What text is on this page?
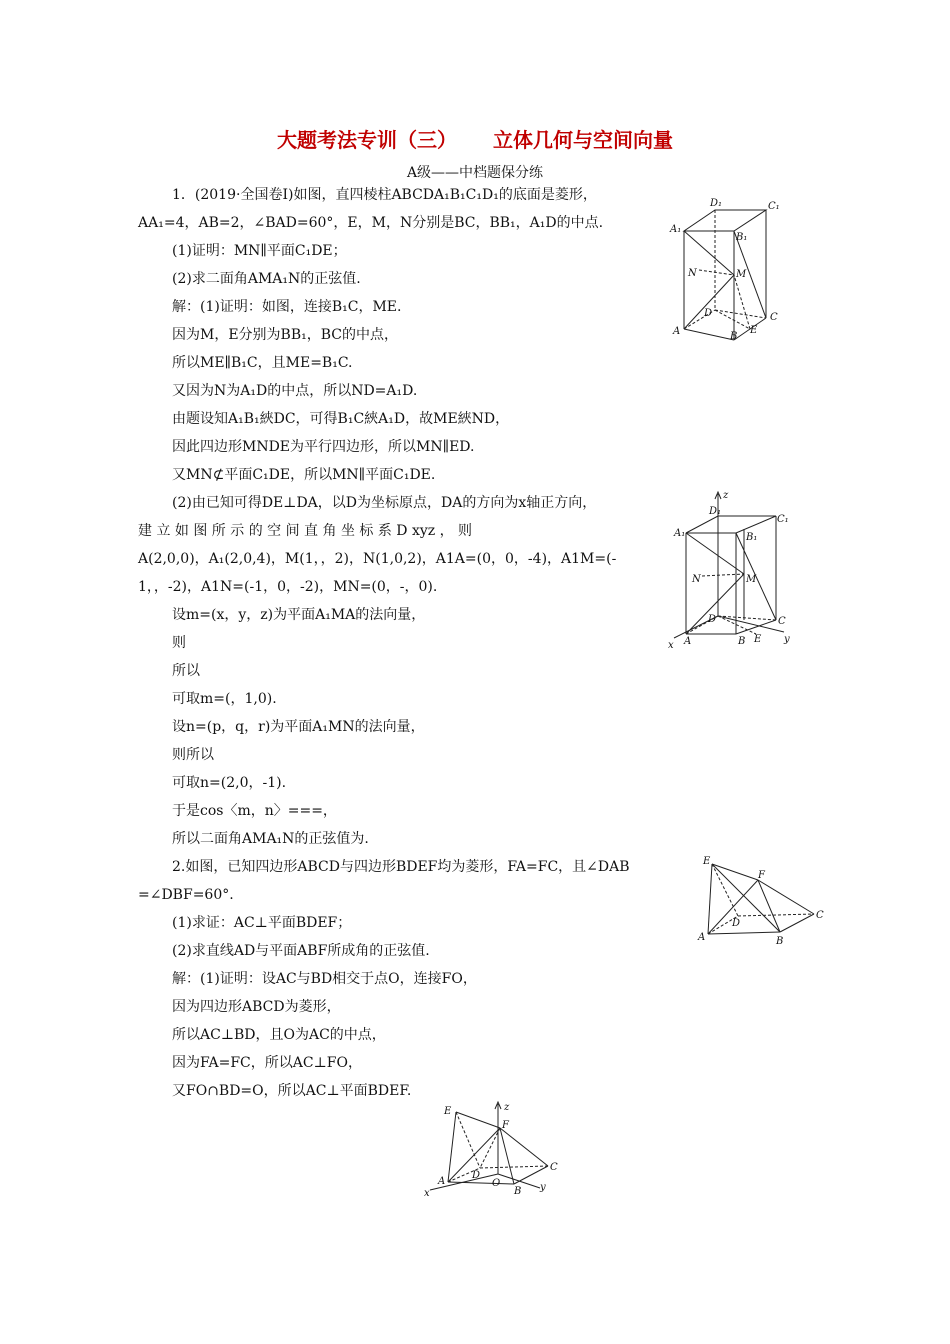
大题考法专训（三） 立体几何与空间向量
A级——中档题保分练
1．(2019·全国卷Ⅰ)如图，直四棱柱ABCDA₁B₁C₁D₁的底面是菱形，
AA₁=4，AB=2，∠BAD=60°，E，M，N分别是BC，BB₁，A₁D的中点.
(1)证明：MN∥平面C₁DE；
(2)求二面角AMA₁N的正弦值.
解：(1)证明：如图，连接B₁C，ME.
因为M，E分别为BB₁，BC的中点，
所以ME∥B₁C，且ME=B₁C.
又因为N为A₁D的中点，所以ND=A₁D.
由题设知A₁B₁綊DC，可得B₁C綊A₁D，故ME綊ND，
因此四边形MNDE为平行四边形，所以MN∥ED.
又MN⊄平面C₁DE，所以MN∥平面C₁DE.
(2)由已知可得DE⊥DA，以D为坐标原点，DA的方向为x轴正方向，
建 立 如 图 所 示 的 空 间 直 角 坐 标 系 D xyz ， 则
A(2,0,0)，A₁(2,0,4)，M(1，，2)，N(1,0,2)，A1A=(0，0，-4)，A1M=(-
1，，-2)，A1N=(-1，0，-2)，MN=(0，-，0).
设m=(x，y，z)为平面A₁MA的法向量，
则
所以
可取m=(，1,0).
设n=(p，q，r)为平面A₁MN的法向量，
则所以
可取n=(2,0，-1).
于是cos〈m，n〉===，
所以二面角AMA₁N的正弦值为.
2.如图，已知四边形ABCD与四边形BDEF均为菱形，FA=FC，且∠DAB
=∠DBF=60°.
(1)求证：AC⊥平面BDEF；
(2)求直线AD与平面ABF所成角的正弦值.
解：(1)证明：设AC与BD相交于点O，连接FO，
因为四边形ABCD为菱形，
所以AC⊥BD，且O为AC的中点，
因为FA=FC，所以AC⊥FO，
又FO∩BD=O，所以AC⊥平面BDEF.
D₁	C₁
A₁
B₁
N	M
D	C
A	B
E
z
D₁
C₁
A₁	B₁
N	M
D	C
A	B E
x
y
E
F
D
C
A	B
z
E
F
D
C
A	O
B
x
y
